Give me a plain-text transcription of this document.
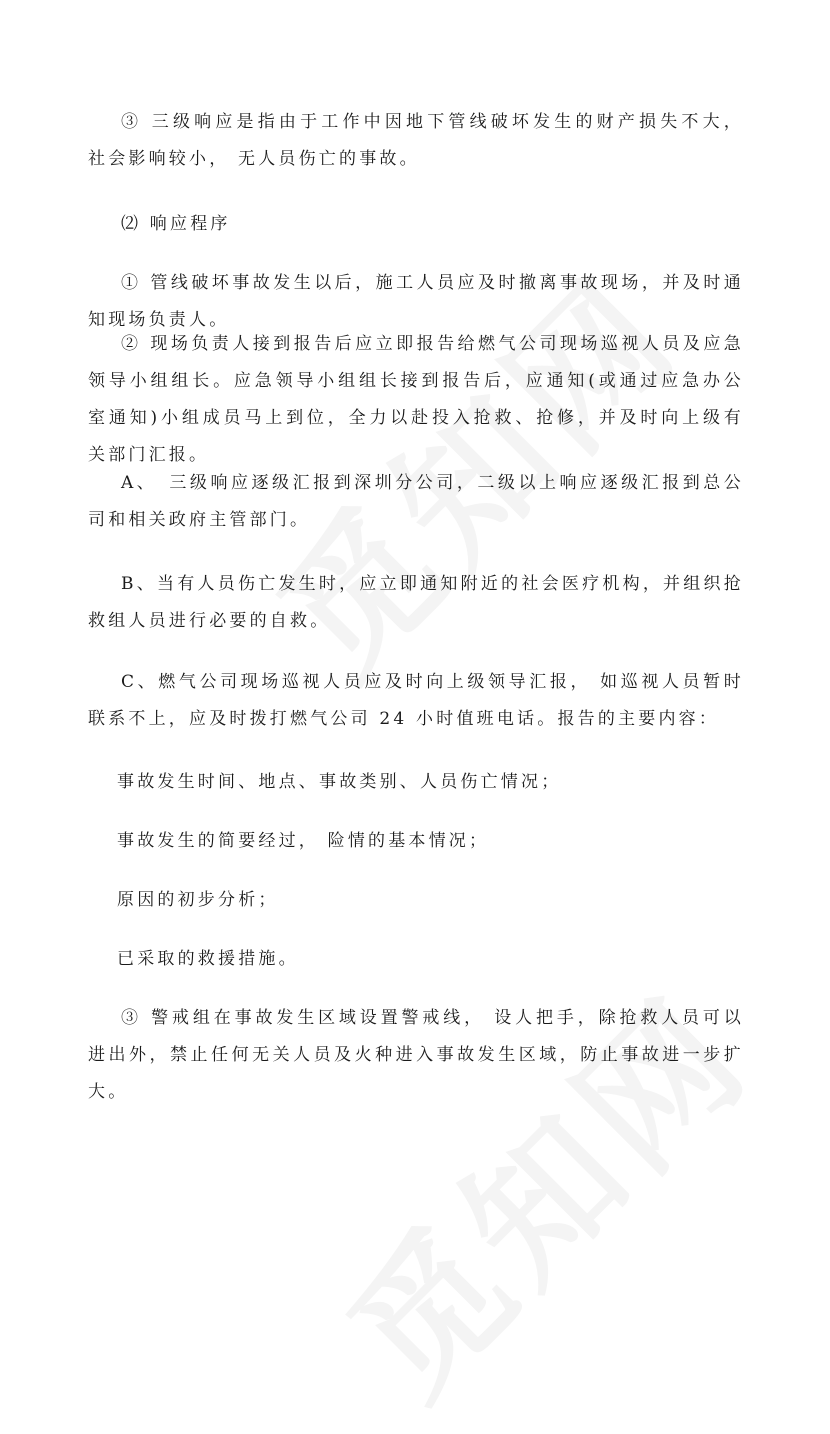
③ 三级响应是指由于工作中因地下管线破坏发生的财产损失不大， 社会影响较小， 无人员伤亡的事故。
⑵ 响应程序
① 管线破坏事故发生以后，施工人员应及时撤离事故现场，并及时通知现场负责人。
② 现场负责人接到报告后应立即报告给燃气公司现场巡视人员及应急领导小组组长。应急领导小组组长接到报告后，应通知(或通过应急办公室通知)小组成员马上到位，全力以赴投入抢救、抢修，并及时向上级有关部门汇报。
A、　三级响应逐级汇报到深圳分公司，二级以上响应逐级汇报到总公司和相关政府主管部门。
B、当有人员伤亡发生时，应立即通知附近的社会医疗机构，并组织抢救组人员进行必要的自救。
C、燃气公司现场巡视人员应及时向上级领导汇报， 如巡视人员暂时联系不上，应及时拨打燃气公司 24 小时值班电话。报告的主要内容：
事故发生时间、地点、事故类别、人员伤亡情况；
事故发生的简要经过， 险情的基本情况；
原因的初步分析；
已采取的救援措施。
③ 警戒组在事故发生区域设置警戒线， 设人把手，除抢救人员可以进出外，禁止任何无关人员及火种进入事故发生区域，防止事故进一步扩大。
